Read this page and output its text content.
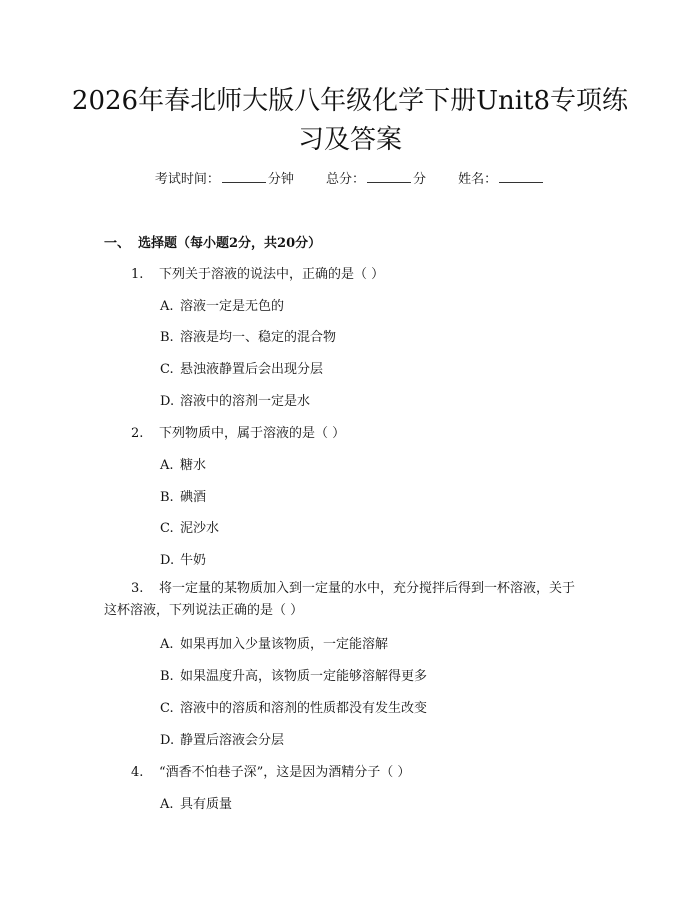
2026年春北师大版八年级化学下册Unit8专项练习及答案
考试时间：	分钟 总分：	分 姓名：
一、 选择题（每小题2分，共20分）
1. 下列关于溶液的说法中，正确的是（ ）
A. 溶液一定是无色的
B. 溶液是均一、稳定的混合物
C. 悬浊液静置后会出现分层
D. 溶液中的溶剂一定是水
2. 下列物质中，属于溶液的是（ ）
A. 糖水
B. 碘酒
C. 泥沙水
D. 牛奶
3. 将一定量的某物质加入到一定量的水中，充分搅拌后得到一杯溶液，关于
这杯溶液，下列说法正确的是（ ）
A. 如果再加入少量该物质，一定能溶解
B. 如果温度升高，该物质一定能够溶解得更多
C. 溶液中的溶质和溶剂的性质都没有发生改变
D. 静置后溶液会分层
4. “酒香不怕巷子深”，这是因为酒精分子（ ）
A. 具有质量
